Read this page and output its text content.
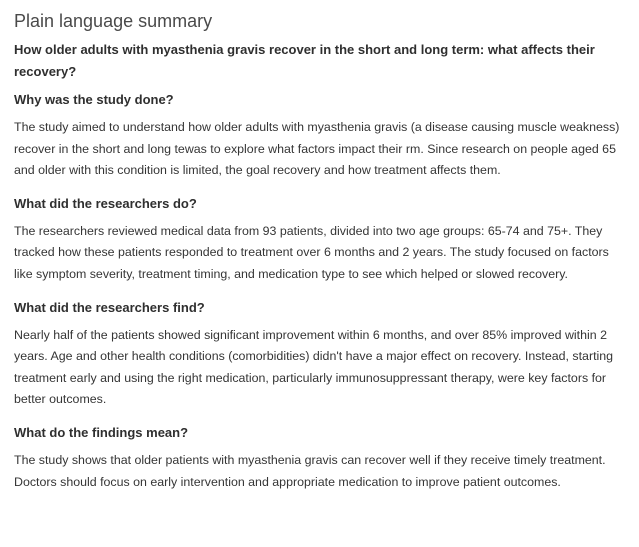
Plain language summary

How older adults with myasthenia gravis recover in the short and long term: what affects their recovery?

Why was the study done?

The study aimed to understand how older adults with myasthenia gravis (a disease causing muscle weakness) recover in the short and long tewas to explore what factors impact their rm. Since research on people aged 65 and older with this condition is limited, the goal recovery and how treatment affects them.

What did the researchers do?

The researchers reviewed medical data from 93 patients, divided into two age groups: 65-74 and 75+. They tracked how these patients responded to treatment over 6 months and 2 years. The study focused on factors like symptom severity, treatment timing, and medication type to see which helped or slowed recovery.

What did the researchers find?

Nearly half of the patients showed significant improvement within 6 months, and over 85% improved within 2 years. Age and other health conditions (comorbidities) didn't have a major effect on recovery. Instead, starting treatment early and using the right medication, particularly immunosuppressant therapy, were key factors for better outcomes.

What do the findings mean?

The study shows that older patients with myasthenia gravis can recover well if they receive timely treatment. Doctors should focus on early intervention and appropriate medication to improve patient outcomes.
